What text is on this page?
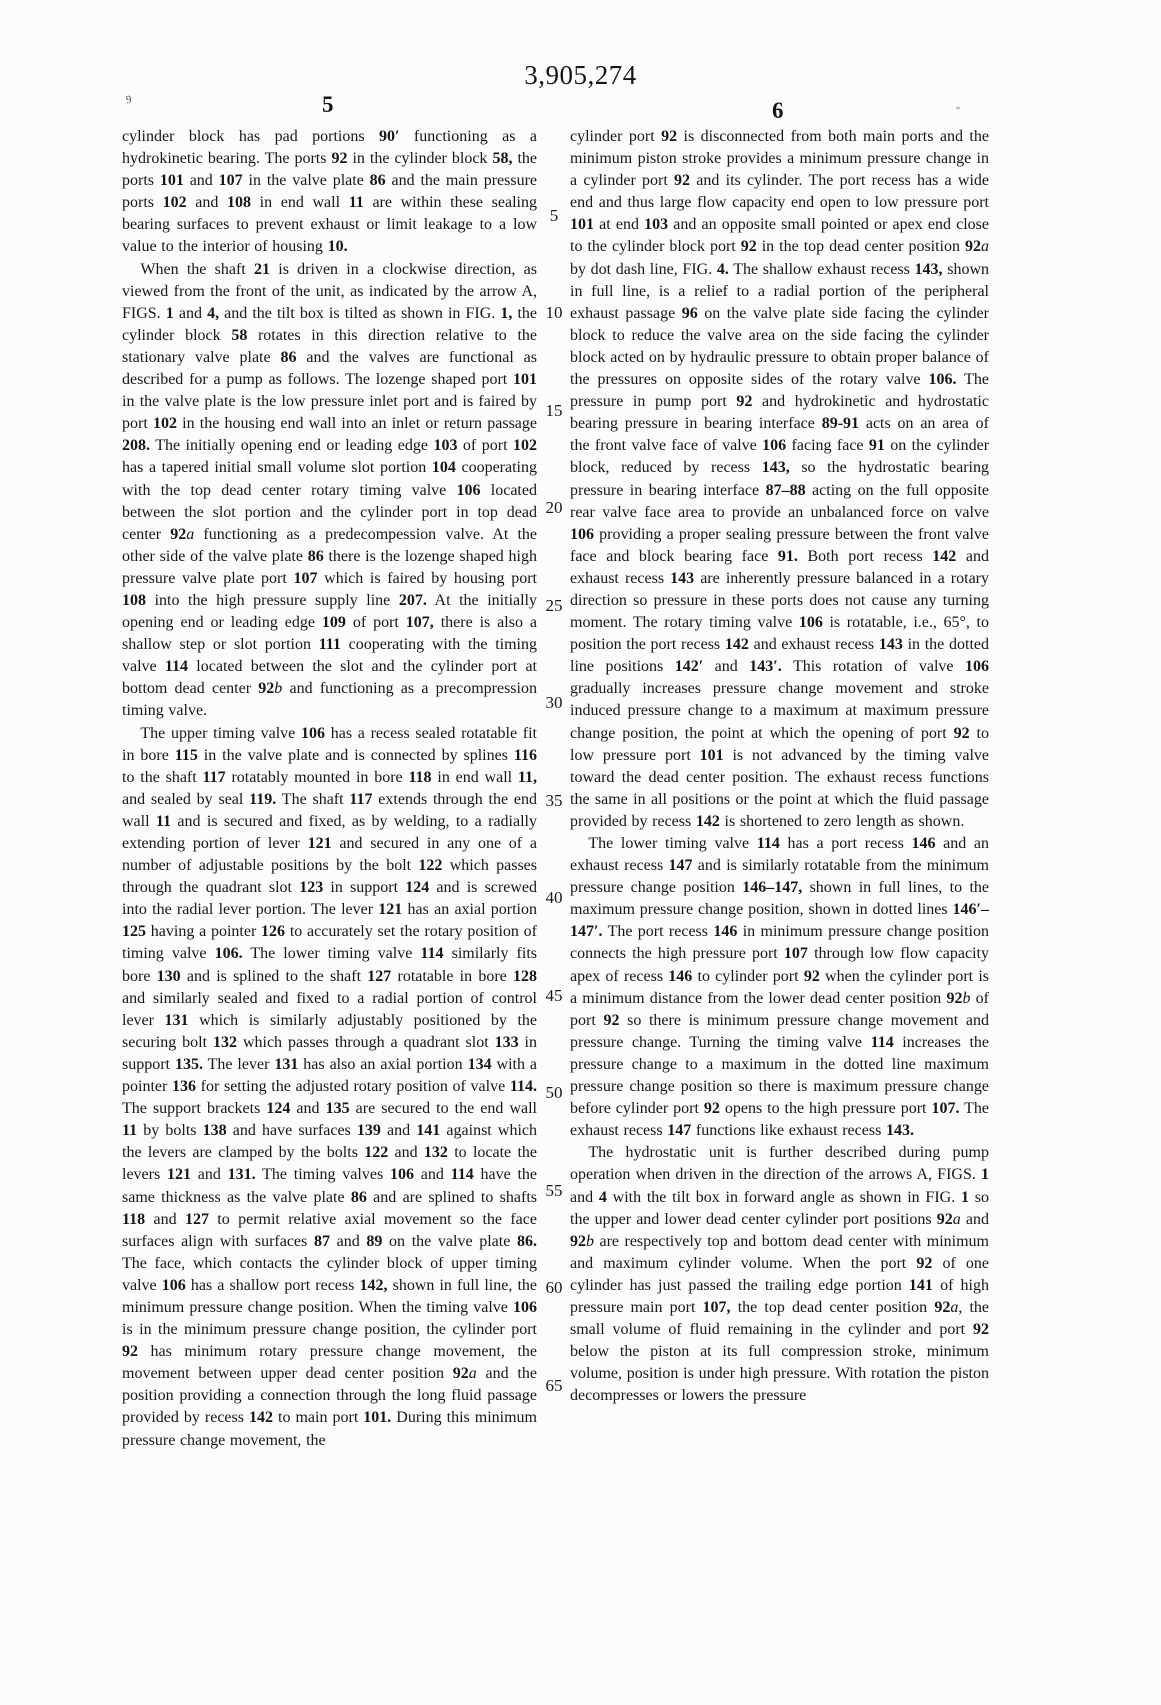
3,905,274
5	6
9
″
5
10
15
20
25
30
35
40
45
50
55
60
65

cylinder block has pad portions 90′ functioning as a hydrokinetic bearing. The ports 92 in the cylinder block 58, the ports 101 and 107 in the valve plate 86 and the main pressure ports 102 and 108 in end wall 11 are within these sealing bearing surfaces to prevent exhaust or limit leakage to a low value to the interior of housing 10.

When the shaft 21 is driven in a clockwise direction, as viewed from the front of the unit, as indicated by the arrow A, FIGS. 1 and 4, and the tilt box is tilted as shown in FIG. 1, the cylinder block 58 rotates in this direction relative to the stationary valve plate 86 and the valves are functional as described for a pump as follows. The lozenge shaped port 101 in the valve plate is the low pressure inlet port and is faired by port 102 in the housing end wall into an inlet or return passage 208. The initially opening end or leading edge 103 of port 102 has a tapered initial small volume slot portion 104 cooperating with the top dead center rotary timing valve 106 located between the slot portion and the cylinder port in top dead center 92a functioning as a predecompession valve. At the other side of the valve plate 86 there is the lozenge shaped high pressure valve plate port 107 which is faired by housing port 108 into the high pressure supply line 207. At the initially opening end or leading edge 109 of port 107, there is also a shallow step or slot portion 111 cooperating with the timing valve 114 located between the slot and the cylinder port at bottom dead center 92b and functioning as a precompression timing valve.

The upper timing valve 106 has a recess sealed rotatable fit in bore 115 in the valve plate and is connected by splines 116 to the shaft 117 rotatably mounted in bore 118 in end wall 11, and sealed by seal 119. The shaft 117 extends through the end wall 11 and is secured and fixed, as by welding, to a radially extending portion of lever 121 and secured in any one of a number of adjustable positions by the bolt 122 which passes through the quadrant slot 123 in support 124 and is screwed into the radial lever portion. The lever 121 has an axial portion 125 having a pointer 126 to accurately set the rotary position of timing valve 106. The lower timing valve 114 similarly fits bore 130 and is splined to the shaft 127 rotatable in bore 128 and similarly sealed and fixed to a radial portion of control lever 131 which is similarly adjustably positioned by the securing bolt 132 which passes through a quadrant slot 133 in support 135. The lever 131 has also an axial portion 134 with a pointer 136 for setting the adjusted rotary position of valve 114. The support brackets 124 and 135 are secured to the end wall 11 by bolts 138 and have surfaces 139 and 141 against which the levers are clamped by the bolts 122 and 132 to locate the levers 121 and 131. The timing valves 106 and 114 have the same thickness as the valve plate 86 and are splined to shafts 118 and 127 to permit relative axial movement so the face surfaces align with surfaces 87 and 89 on the valve plate 86. The face, which contacts the cylinder block of upper timing valve 106 has a shallow port recess 142, shown in full line, the minimum pressure change position. When the timing valve 106 is in the minimum pressure change position, the cylinder port 92 has minimum rotary pressure change movement, the movement between upper dead center position 92a and the position providing a connection through the long fluid passage provided by recess 142 to main port 101. During this minimum pressure change movement, the

cylinder port 92 is disconnected from both main ports and the minimum piston stroke provides a minimum pressure change in a cylinder port 92 and its cylinder. The port recess has a wide end and thus large flow capacity end open to low pressure port 101 at end 103 and an opposite small pointed or apex end close to the cylinder block port 92 in the top dead center position 92a by dot dash line, FIG. 4. The shallow exhaust recess 143, shown in full line, is a relief to a radial portion of the peripheral exhaust passage 96 on the valve plate side facing the cylinder block to reduce the valve area on the side facing the cylinder block acted on by hydraulic pressure to obtain proper balance of the pressures on opposite sides of the rotary valve 106. The pressure in pump port 92 and hydrokinetic and hydrostatic bearing pressure in bearing interface 89-91 acts on an area of the front valve face of valve 106 facing face 91 on the cylinder block, reduced by recess 143, so the hydrostatic bearing pressure in bearing interface 87–88 acting on the full opposite rear valve face area to provide an unbalanced force on valve 106 providing a proper sealing pressure between the front valve face and block bearing face 91. Both port recess 142 and exhaust recess 143 are inherently pressure balanced in a rotary direction so pressure in these ports does not cause any turning moment. The rotary timing valve 106 is rotatable, i.e., 65°, to position the port recess 142 and exhaust recess 143 in the dotted line positions 142′ and 143′. This rotation of valve 106 gradually increases pressure change movement and stroke induced pressure change to a maximum at maximum pressure change position, the point at which the opening of port 92 to low pressure port 101 is not advanced by the timing valve toward the dead center position. The exhaust recess functions the same in all positions or the point at which the fluid passage provided by recess 142 is shortened to zero length as shown.

The lower timing valve 114 has a port recess 146 and an exhaust recess 147 and is similarly rotatable from the minimum pressure change position 146–147, shown in full lines, to the maximum pressure change position, shown in dotted lines 146′–147′. The port recess 146 in minimum pressure change position connects the high pressure port 107 through low flow capacity apex of recess 146 to cylinder port 92 when the cylinder port is a minimum distance from the lower dead center position 92b of port 92 so there is minimum pressure change movement and pressure change. Turning the timing valve 114 increases the pressure change to a maximum in the dotted line maximum pressure change position so there is maximum pressure change before cylinder port 92 opens to the high pressure port 107. The exhaust recess 147 functions like exhaust recess 143.

The hydrostatic unit is further described during pump operation when driven in the direction of the arrows A, FIGS. 1 and 4 with the tilt box in forward angle as shown in FIG. 1 so the upper and lower dead center cylinder port positions 92a and 92b are respectively top and bottom dead center with minimum and maximum cylinder volume. When the port 92 of one cylinder has just passed the trailing edge portion 141 of high pressure main port 107, the top dead center position 92a, the small volume of fluid remaining in the cylinder and port 92 below the piston at its full compression stroke, minimum volume, position is under high pressure. With rotation the piston decompresses or lowers the pressure
